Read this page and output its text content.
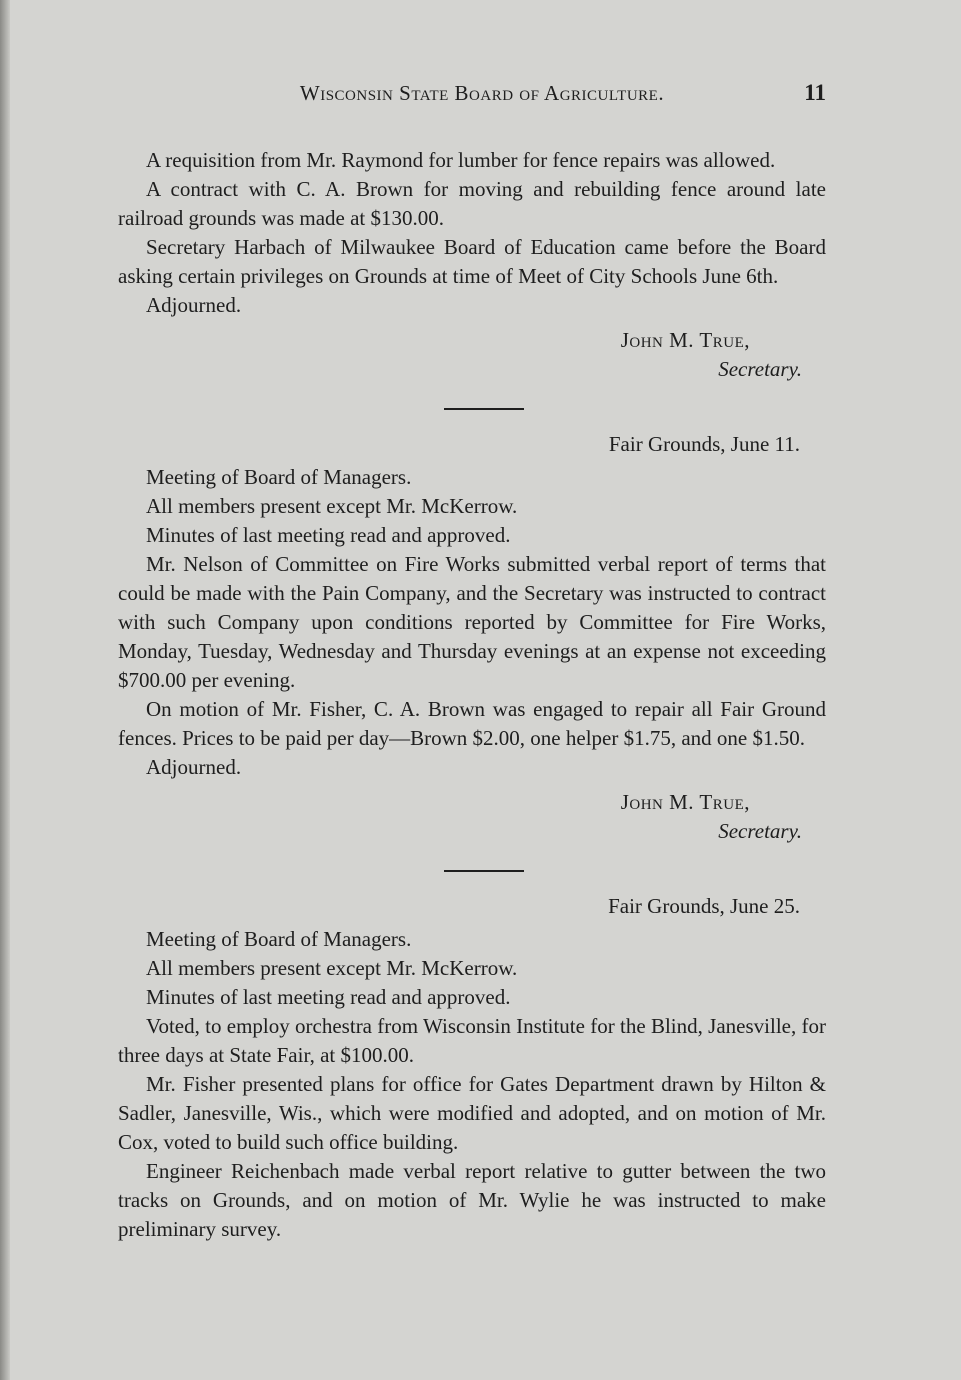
Wisconsin State Board of Agriculture.	11

A requisition from Mr. Raymond for lumber for fence repairs was allowed.

A contract with C. A. Brown for moving and rebuilding fence around late railroad grounds was made at $130.00.

Secretary Harbach of Milwaukee Board of Education came before the Board asking certain privileges on Grounds at time of Meet of City Schools June 6th.

Adjourned.

John M. True,
Secretary.
Fair Grounds, June 11.

Meeting of Board of Managers.

All members present except Mr. McKerrow.

Minutes of last meeting read and approved.

Mr. Nelson of Committee on Fire Works submitted verbal report of terms that could be made with the Pain Company, and the Secretary was instructed to contract with such Company upon conditions reported by Committee for Fire Works, Monday, Tuesday, Wednesday and Thursday evenings at an expense not exceeding $700.00 per evening.

On motion of Mr. Fisher, C. A. Brown was engaged to repair all Fair Ground fences. Prices to be paid per day—Brown $2.00, one helper $1.75, and one $1.50.

Adjourned.

John M. True,
Secretary.
Fair Grounds, June 25.

Meeting of Board of Managers.

All members present except Mr. McKerrow.

Minutes of last meeting read and approved.

Voted, to employ orchestra from Wisconsin Institute for the Blind, Janesville, for three days at State Fair, at $100.00.

Mr. Fisher presented plans for office for Gates Department drawn by Hilton & Sadler, Janesville, Wis., which were modified and adopted, and on motion of Mr. Cox, voted to build such office building.

Engineer Reichenbach made verbal report relative to gutter between the two tracks on Grounds, and on motion of Mr. Wylie he was instructed to make preliminary survey.
